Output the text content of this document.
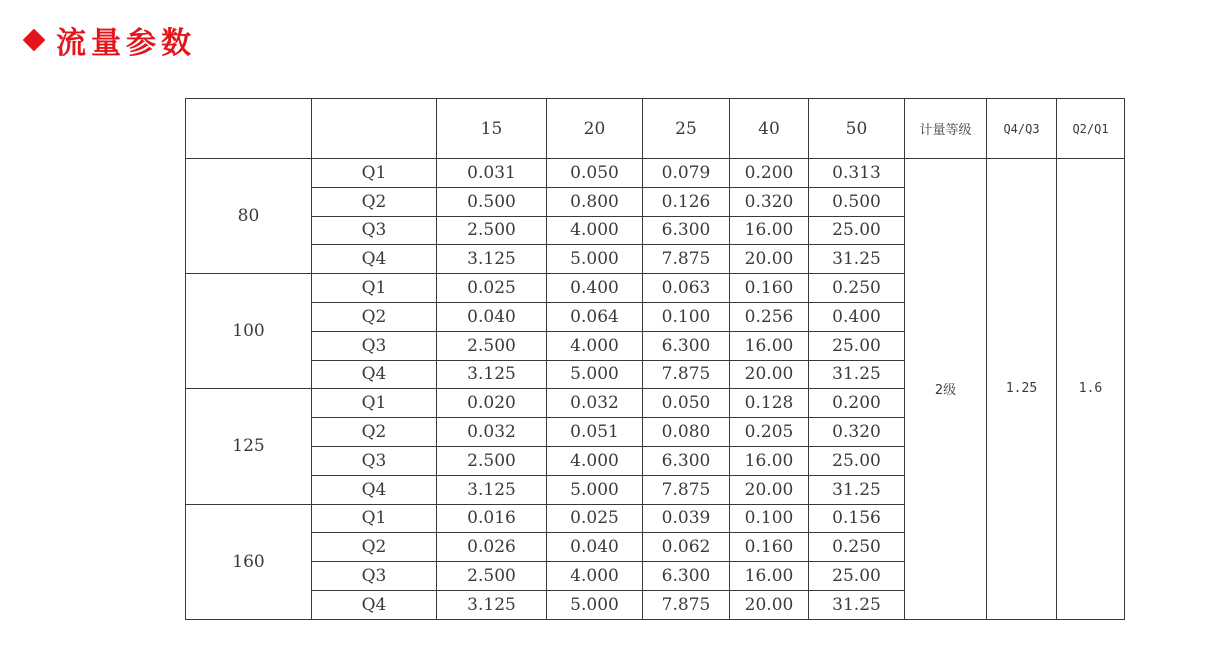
流量参数
		15	20	25	40	50	计量等级	Q4/Q3	Q2/Q1
80	Q1	0.031	0.050	0.079	0.200	0.313	2级	1.25	1.6
	Q2	0.500	0.800	0.126	0.320	0.500			
	Q3	2.500	4.000	6.300	16.00	25.00			
	Q4	3.125	5.000	7.875	20.00	31.25			
100	Q1	0.025	0.400	0.063	0.160	0.250			
	Q2	0.040	0.064	0.100	0.256	0.400			
	Q3	2.500	4.000	6.300	16.00	25.00			
	Q4	3.125	5.000	7.875	20.00	31.25			
125	Q1	0.020	0.032	0.050	0.128	0.200			
	Q2	0.032	0.051	0.080	0.205	0.320			
	Q3	2.500	4.000	6.300	16.00	25.00			
	Q4	3.125	5.000	7.875	20.00	31.25			
160	Q1	0.016	0.025	0.039	0.100	0.156			
	Q2	0.026	0.040	0.062	0.160	0.250			
	Q3	2.500	4.000	6.300	16.00	25.00			
	Q4	3.125	5.000	7.875	20.00	31.25			
